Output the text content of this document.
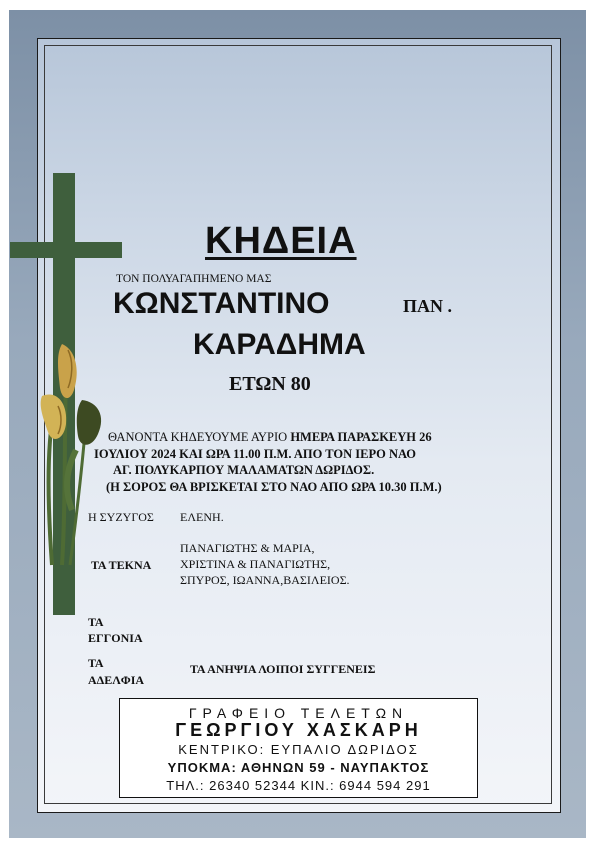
ΚΗΔΕΙΑ
ΤΟΝ ΠΟΛΥΑΓΑΠΗΜΕΝΟ ΜΑΣ
ΚΩΝΣΤΑΝΤΙΝΟ	ΠΑΝ .
ΚΑΡΑΔΗΜΑ
ΕΤΩΝ 80
ΘΑΝΟΝΤΑ ΚΗΔΕΥΟΥΜΕ ΑΥΡΙΟ ΗΜΕΡΑ ΠΑΡΑΣΚΕΥΗ 26
ΙΟΥΛΙΟΥ 2024 ΚΑΙ ΩΡΑ 11.00 Π.Μ. ΑΠΟ ΤΟΝ ΙΕΡΟ ΝΑΟ
ΑΓ. ΠΟΛΥΚΑΡΠΟΥ ΜΑΛΑΜΑΤΩΝ ΔΩΡΙΔΟΣ.
(Η ΣΟΡΟΣ ΘΑ ΒΡΙΣΚΕΤΑΙ ΣΤΟ ΝΑΟ ΑΠΟ ΩΡΑ 10.30 Π.Μ.)
Η ΣΥΖΥΓΟΣ ΕΛΕΝΗ.
ΤΑ ΤΕΚΝΑ
ΠΑΝΑΓΙΩΤΗΣ & ΜΑΡΙΑ,
ΧΡΙΣΤΙΝΑ & ΠΑΝΑΓΙΩΤΗΣ,
ΣΠΥΡΟΣ, ΙΩΑΝΝΑ,ΒΑΣΙΛΕΙΟΣ.
ΤΑ
ΕΓΓΟΝΙΑ
ΤΑ
ΑΔΕΛΦΙΑ
ΤΑ ΑΝΗΨΙΑ ΛΟΙΠΟΙ ΣΥΓΓΕΝΕΙΣ
ΓΡΑΦΕΙΟ ΤΕΛΕΤΩΝ
ΓΕΩΡΓΙΟΥ ΧΑΣΚΑΡΗ
ΚΕΝΤΡΙΚΟ: ΕΥΠΑΛΙΟ ΔΩΡΙΔΟΣ
ΥΠΟΚΜΑ: ΑΘΗΝΩΝ 59 - ΝΑΥΠΑΚΤΟΣ
ΤΗΛ.: 26340 52344 ΚΙΝ.: 6944 594 291
